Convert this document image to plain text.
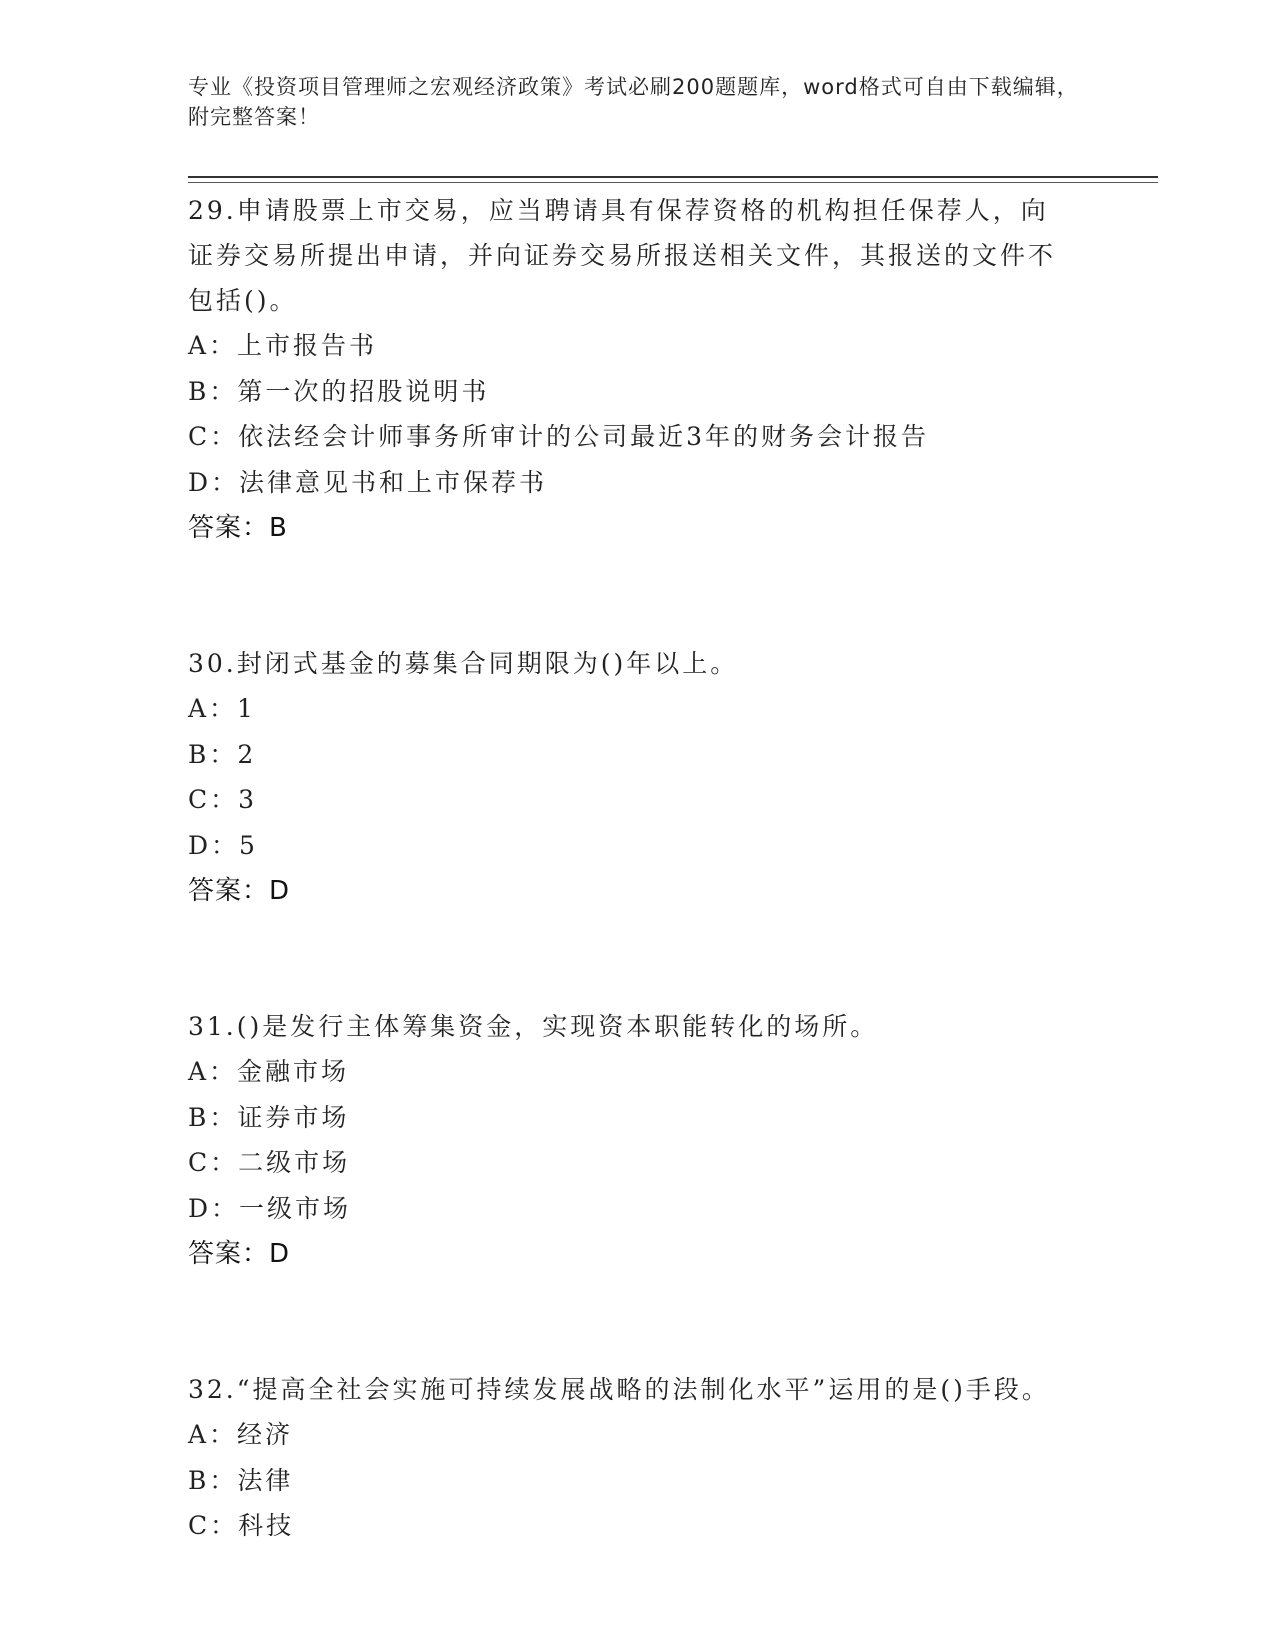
专业《投资项目管理师之宏观经济政策》考试必刷200题题库，word格式可自由下载编辑，附完整答案！

29.申请股票上市交易，应当聘请具有保荐资格的机构担任保荐人，向证券交易所提出申请，并向证券交易所报送相关文件，其报送的文件不包括()。

A：上市报告书

B：第一次的招股说明书

C：依法经会计师事务所审计的公司最近3年的财务会计报告

D：法律意见书和上市保荐书

答案：B

30.封闭式基金的募集合同期限为()年以上。

A：1

B：2

C：3

D：5

答案：D

31.()是发行主体筹集资金，实现资本职能转化的场所。

A：金融市场

B：证券市场

C：二级市场

D：一级市场

答案：D

32.“提高全社会实施可持续发展战略的法制化水平”运用的是()手段。

A：经济

B：法律

C：科技
